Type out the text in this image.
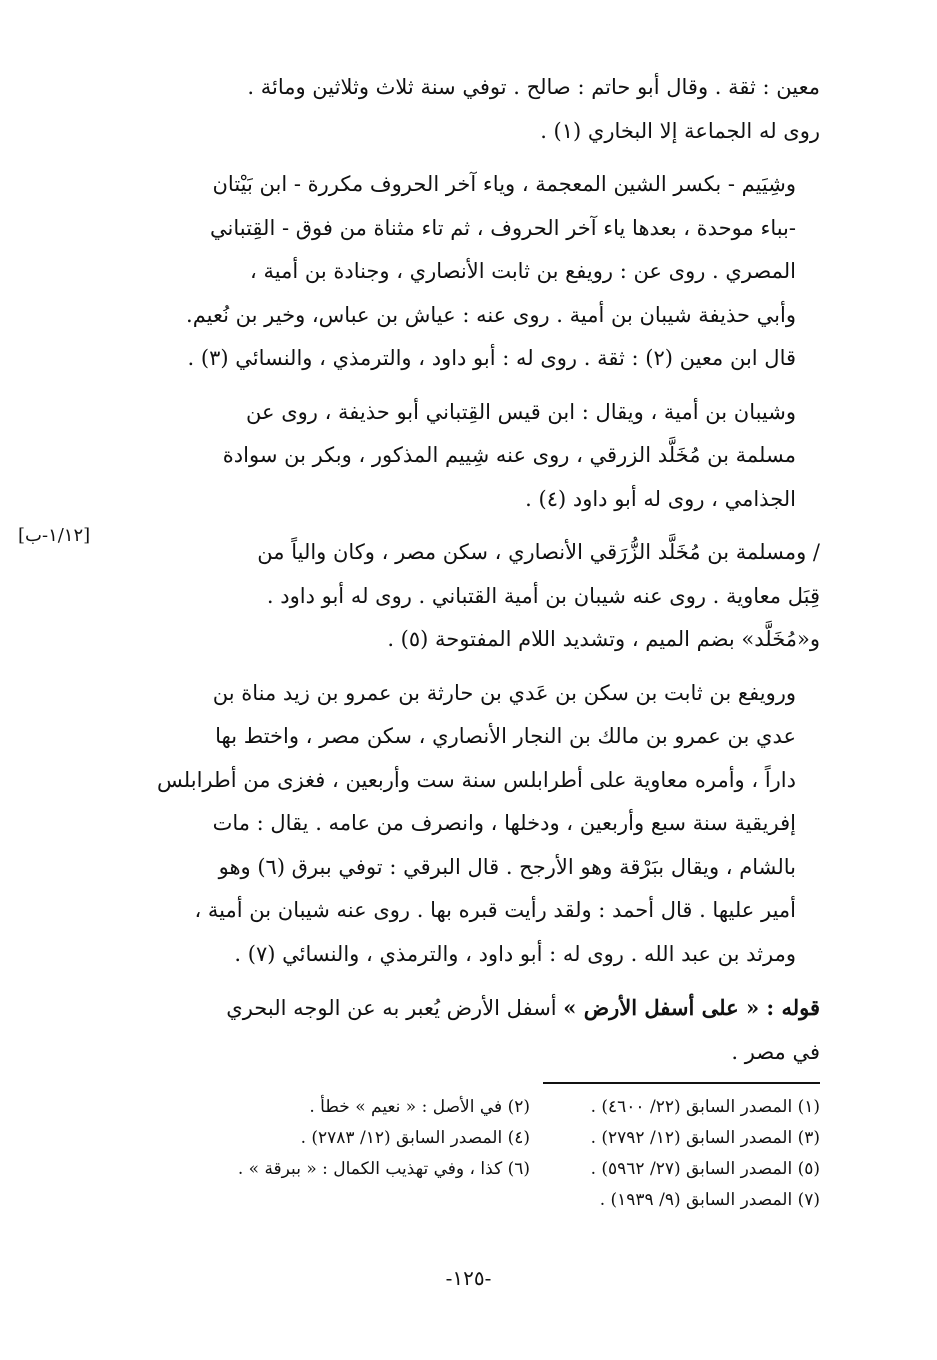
معين : ثقة . وقال أبو حاتم : صالح . توفي سنة ثلاث وثلاثين ومائة .
روى له الجماعة إلا البخاري (١) .

وشِيَيم - بكسر الشين المعجمة ، وياء آخر الحروف مكررة - ابن بَيْتان
-بباء موحدة ، بعدها ياء آخر الحروف ، ثم تاء مثناة من فوق - القِتباني
المصري . روى عن : رويفع بن ثابت الأنصاري ، وجنادة بن أمية ،
وأبي حذيفة شيبان بن أمية . روى عنه : عياش بن عباس، وخير بن نُعيم.
قال ابن معين (٢) : ثقة . روى له : أبو داود ، والترمذي ، والنسائي (٣) .

وشيبان بن أمية ، ويقال : ابن قيس القِتباني أبو حذيفة ، روى عن
مسلمة بن مُخَلَّد الزرقي ، روى عنه شِييم المذكور ، وبكر بن سوادة
الجذامي ، روى له أبو داود (٤) .

/ ومسلمة بن مُخَلَّد الزُّرَقي الأنصاري ، سكن مصر ، وكان والياً من
قِبَل معاوية . روى عنه شيبان بن أمية القتباني . روى له أبو داود .
و«مُخَلَّد» بضم الميم ، وتشديد اللام المفتوحة (٥) .

ورويفع بن ثابت بن سكن بن عَدي بن حارثة بن عمرو بن زيد مناة بن
عدي بن عمرو بن مالك بن النجار الأنصاري ، سكن مصر ، واختط بها
داراً ، وأمره معاوية على أطرابلس سنة ست وأربعين ، فغزى من أطرابلس
إفريقية سنة سبع وأربعين ، ودخلها ، وانصرف من عامه . يقال : مات
بالشام ، ويقال ببَرْقة وهو الأرجح . قال البرقي : توفي ببرق (٦) وهو
أمير عليها . قال أحمد : ولقد رأيت قبره بها . روى عنه شيبان بن أمية ،
ومرثد بن عبد الله . روى له : أبو داود ، والترمذي ، والنسائي (٧) .

قوله : « على أسفل الأرض » أسفل الأرض يُعبر به عن الوجه البحري
في مصر .

[١/١٢-ب]
(١) المصدر السابق (٢٢/ ٤٦٠٠) .
(٢) في الأصل : « نعيم » خطأ .
(٣) المصدر السابق (١٢/ ٢٧٩٢) .
(٤) المصدر السابق (١٢/ ٢٧٨٣) .
(٥) المصدر السابق (٢٧/ ٥٩٦٢) .
(٦) كذا ، وفي تهذيب الكمال : « ببرقة » .
(٧) المصدر السابق (٩/ ١٩٣٩) .
-١٢٥-
